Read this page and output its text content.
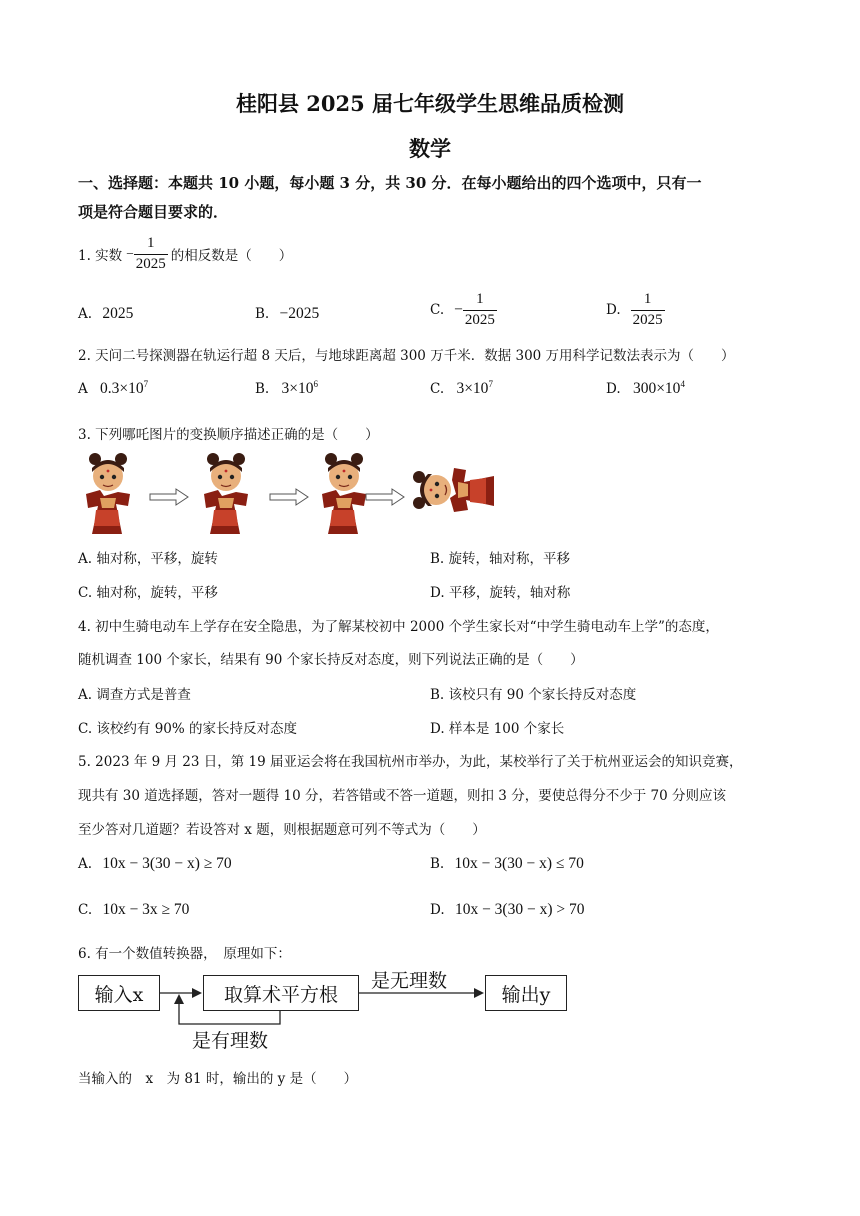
桂阳县 2025 届七年级学生思维品质检测
数学
一、选择题：本题共 10 小题，每小题 3 分，共 30 分．在每小题给出的四个选项中，只有一
项是符合题目要求的．
1. 实数 − $\frac{1}{2025}$ 的相反数是（　　）
A. 2025	B. −2025	C. − $\frac{1}{2025}$	D. $\frac{1}{2025}$
2. 天问二号探测器在轨运行超 8 天后，与地球距离超 300 万千米．数据 300 万用科学记数法表示为（　　）
A $0.3\times 10^7$	B. $3\times 10^6$	C. $3\times 10^7$	D. $300\times 10^4$
3. 下列哪吒图片的变换顺序描述正确的是（　　）
A. 轴对称，平移，旋转	B. 旋转，轴对称，平移
C. 轴对称，旋转，平移	D. 平移，旋转，轴对称
4. 初中生骑电动车上学存在安全隐患，为了解某校初中 2000 个学生家长对“中学生骑电动车上学”的态度，
随机调查 100 个家长，结果有 90 个家长持反对态度，则下列说法正确的是（　　）
A. 调查方式是普查	B. 该校只有 90 个家长持反对态度
C. 该校约有 90% 的家长持反对态度	D. 样本是 100 个家长
5. 2023 年 9 月 23 日，第 19 届亚运会将在我国杭州市举办，为此，某校举行了关于杭州亚运会的知识竞赛，
现共有 30 道选择题，答对一题得 10 分，若答错或不答一道题，则扣 3 分，要使总得分不少于 70 分则应该
至少答对几道题？若设答对 x 题，则根据题意可列不等式为（　　）
A. 10x − 3(30 − x) ≥ 70	B. 10x − 3(30 − x) ≤ 70
C. 10x − 3x ≥ 70	D. 10x − 3(30 − x) > 70
6. 有一个数值转换器，　原理如下：
输入x	取算术平方根	输出y
是无理数
是有理数
当输入的　x　为 81 时，输出的 y 是（　　）
